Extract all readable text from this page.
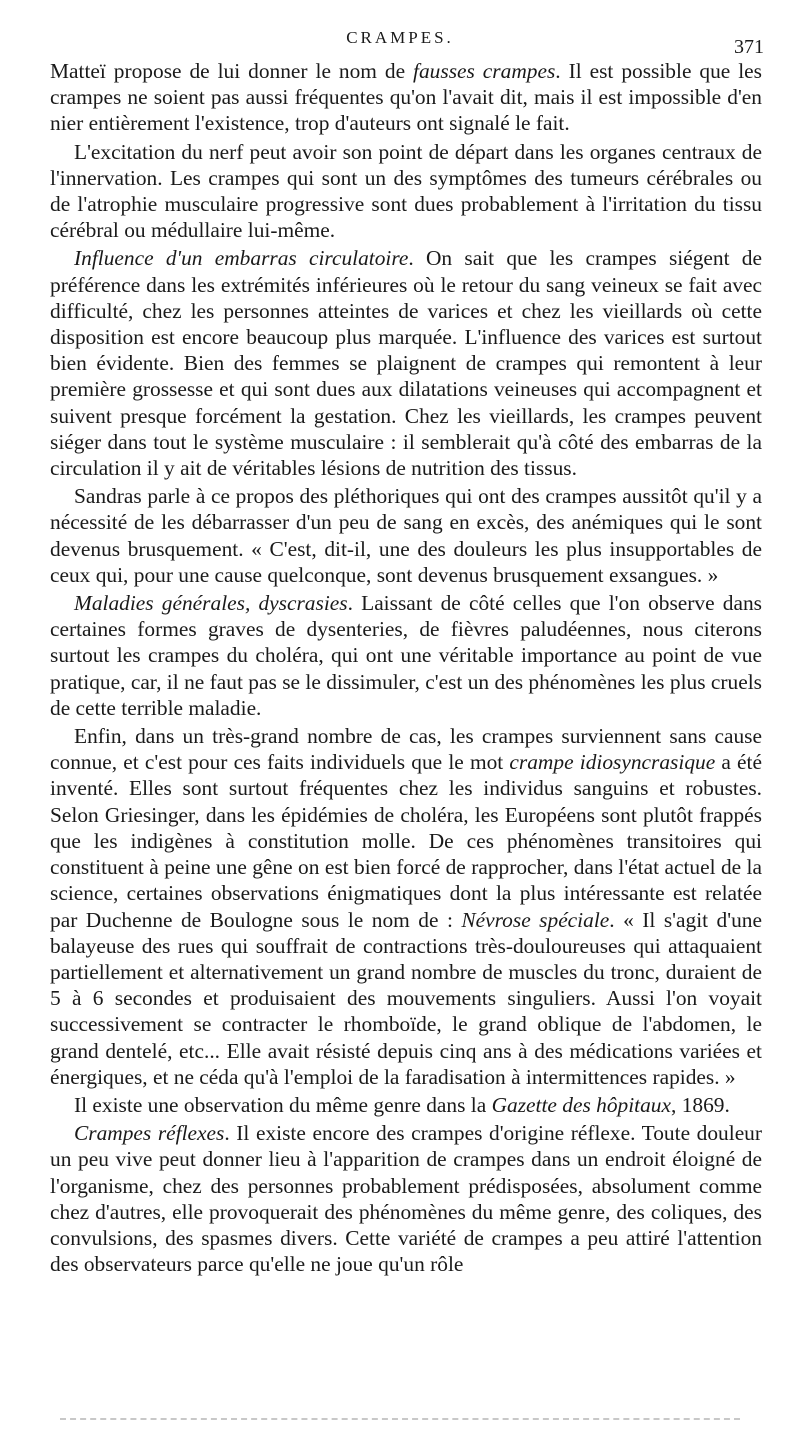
CRAMPES.	371

Matteï propose de lui donner le nom de fausses crampes. Il est possible que les crampes ne soient pas aussi fréquentes qu'on l'avait dit, mais il est impossible d'en nier entièrement l'existence, trop d'auteurs ont signalé le fait.

L'excitation du nerf peut avoir son point de départ dans les organes centraux de l'innervation. Les crampes qui sont un des symptômes des tumeurs cérébrales ou de l'atrophie musculaire progressive sont dues probablement à l'irritation du tissu cérébral ou médullaire lui-même.

Influence d'un embarras circulatoire. On sait que les crampes siégent de préférence dans les extrémités inférieures où le retour du sang veineux se fait avec difficulté, chez les personnes atteintes de varices et chez les vieillards où cette disposition est encore beaucoup plus marquée. L'influence des varices est surtout bien évidente. Bien des femmes se plaignent de crampes qui remontent à leur première grossesse et qui sont dues aux dilatations veineuses qui accompagnent et suivent presque forcément la gestation. Chez les vieillards, les crampes peuvent siéger dans tout le système musculaire : il semblerait qu'à côté des embarras de la circulation il y ait de véritables lésions de nutrition des tissus.

Sandras parle à ce propos des pléthoriques qui ont des crampes aussitôt qu'il y a nécessité de les débarrasser d'un peu de sang en excès, des anémiques qui le sont devenus brusquement. « C'est, dit-il, une des douleurs les plus insupportables de ceux qui, pour une cause quelconque, sont devenus brusquement exsangues. »

Maladies générales, dyscrasies. Laissant de côté celles que l'on observe dans certaines formes graves de dysenteries, de fièvres paludéennes, nous citerons surtout les crampes du choléra, qui ont une véritable importance au point de vue pratique, car, il ne faut pas se le dissimuler, c'est un des phénomènes les plus cruels de cette terrible maladie.

Enfin, dans un très-grand nombre de cas, les crampes surviennent sans cause connue, et c'est pour ces faits individuels que le mot crampe idiosyncrasique a été inventé. Elles sont surtout fréquentes chez les individus sanguins et robustes. Selon Griesinger, dans les épidémies de choléra, les Européens sont plutôt frappés que les indigènes à constitution molle. De ces phénomènes transitoires qui constituent à peine une gêne on est bien forcé de rapprocher, dans l'état actuel de la science, certaines observations énigmatiques dont la plus intéressante est relatée par Duchenne de Boulogne sous le nom de : Névrose spéciale. « Il s'agit d'une balayeuse des rues qui souffrait de contractions très-douloureuses qui attaquaient partiellement et alternativement un grand nombre de muscles du tronc, duraient de 5 à 6 secondes et produisaient des mouvements singuliers. Aussi l'on voyait successivement se contracter le rhomboïde, le grand oblique de l'abdomen, le grand dentelé, etc... Elle avait résisté depuis cinq ans à des médications variées et énergiques, et ne céda qu'à l'emploi de la faradisation à intermittences rapides. »

Il existe une observation du même genre dans la Gazette des hôpitaux, 1869.

Crampes réflexes. Il existe encore des crampes d'origine réflexe. Toute douleur un peu vive peut donner lieu à l'apparition de crampes dans un endroit éloigné de l'organisme, chez des personnes probablement prédisposées, absolument comme chez d'autres, elle provoquerait des phénomènes du même genre, des coliques, des convulsions, des spasmes divers. Cette variété de crampes a peu attiré l'attention des observateurs parce qu'elle ne joue qu'un rôle
